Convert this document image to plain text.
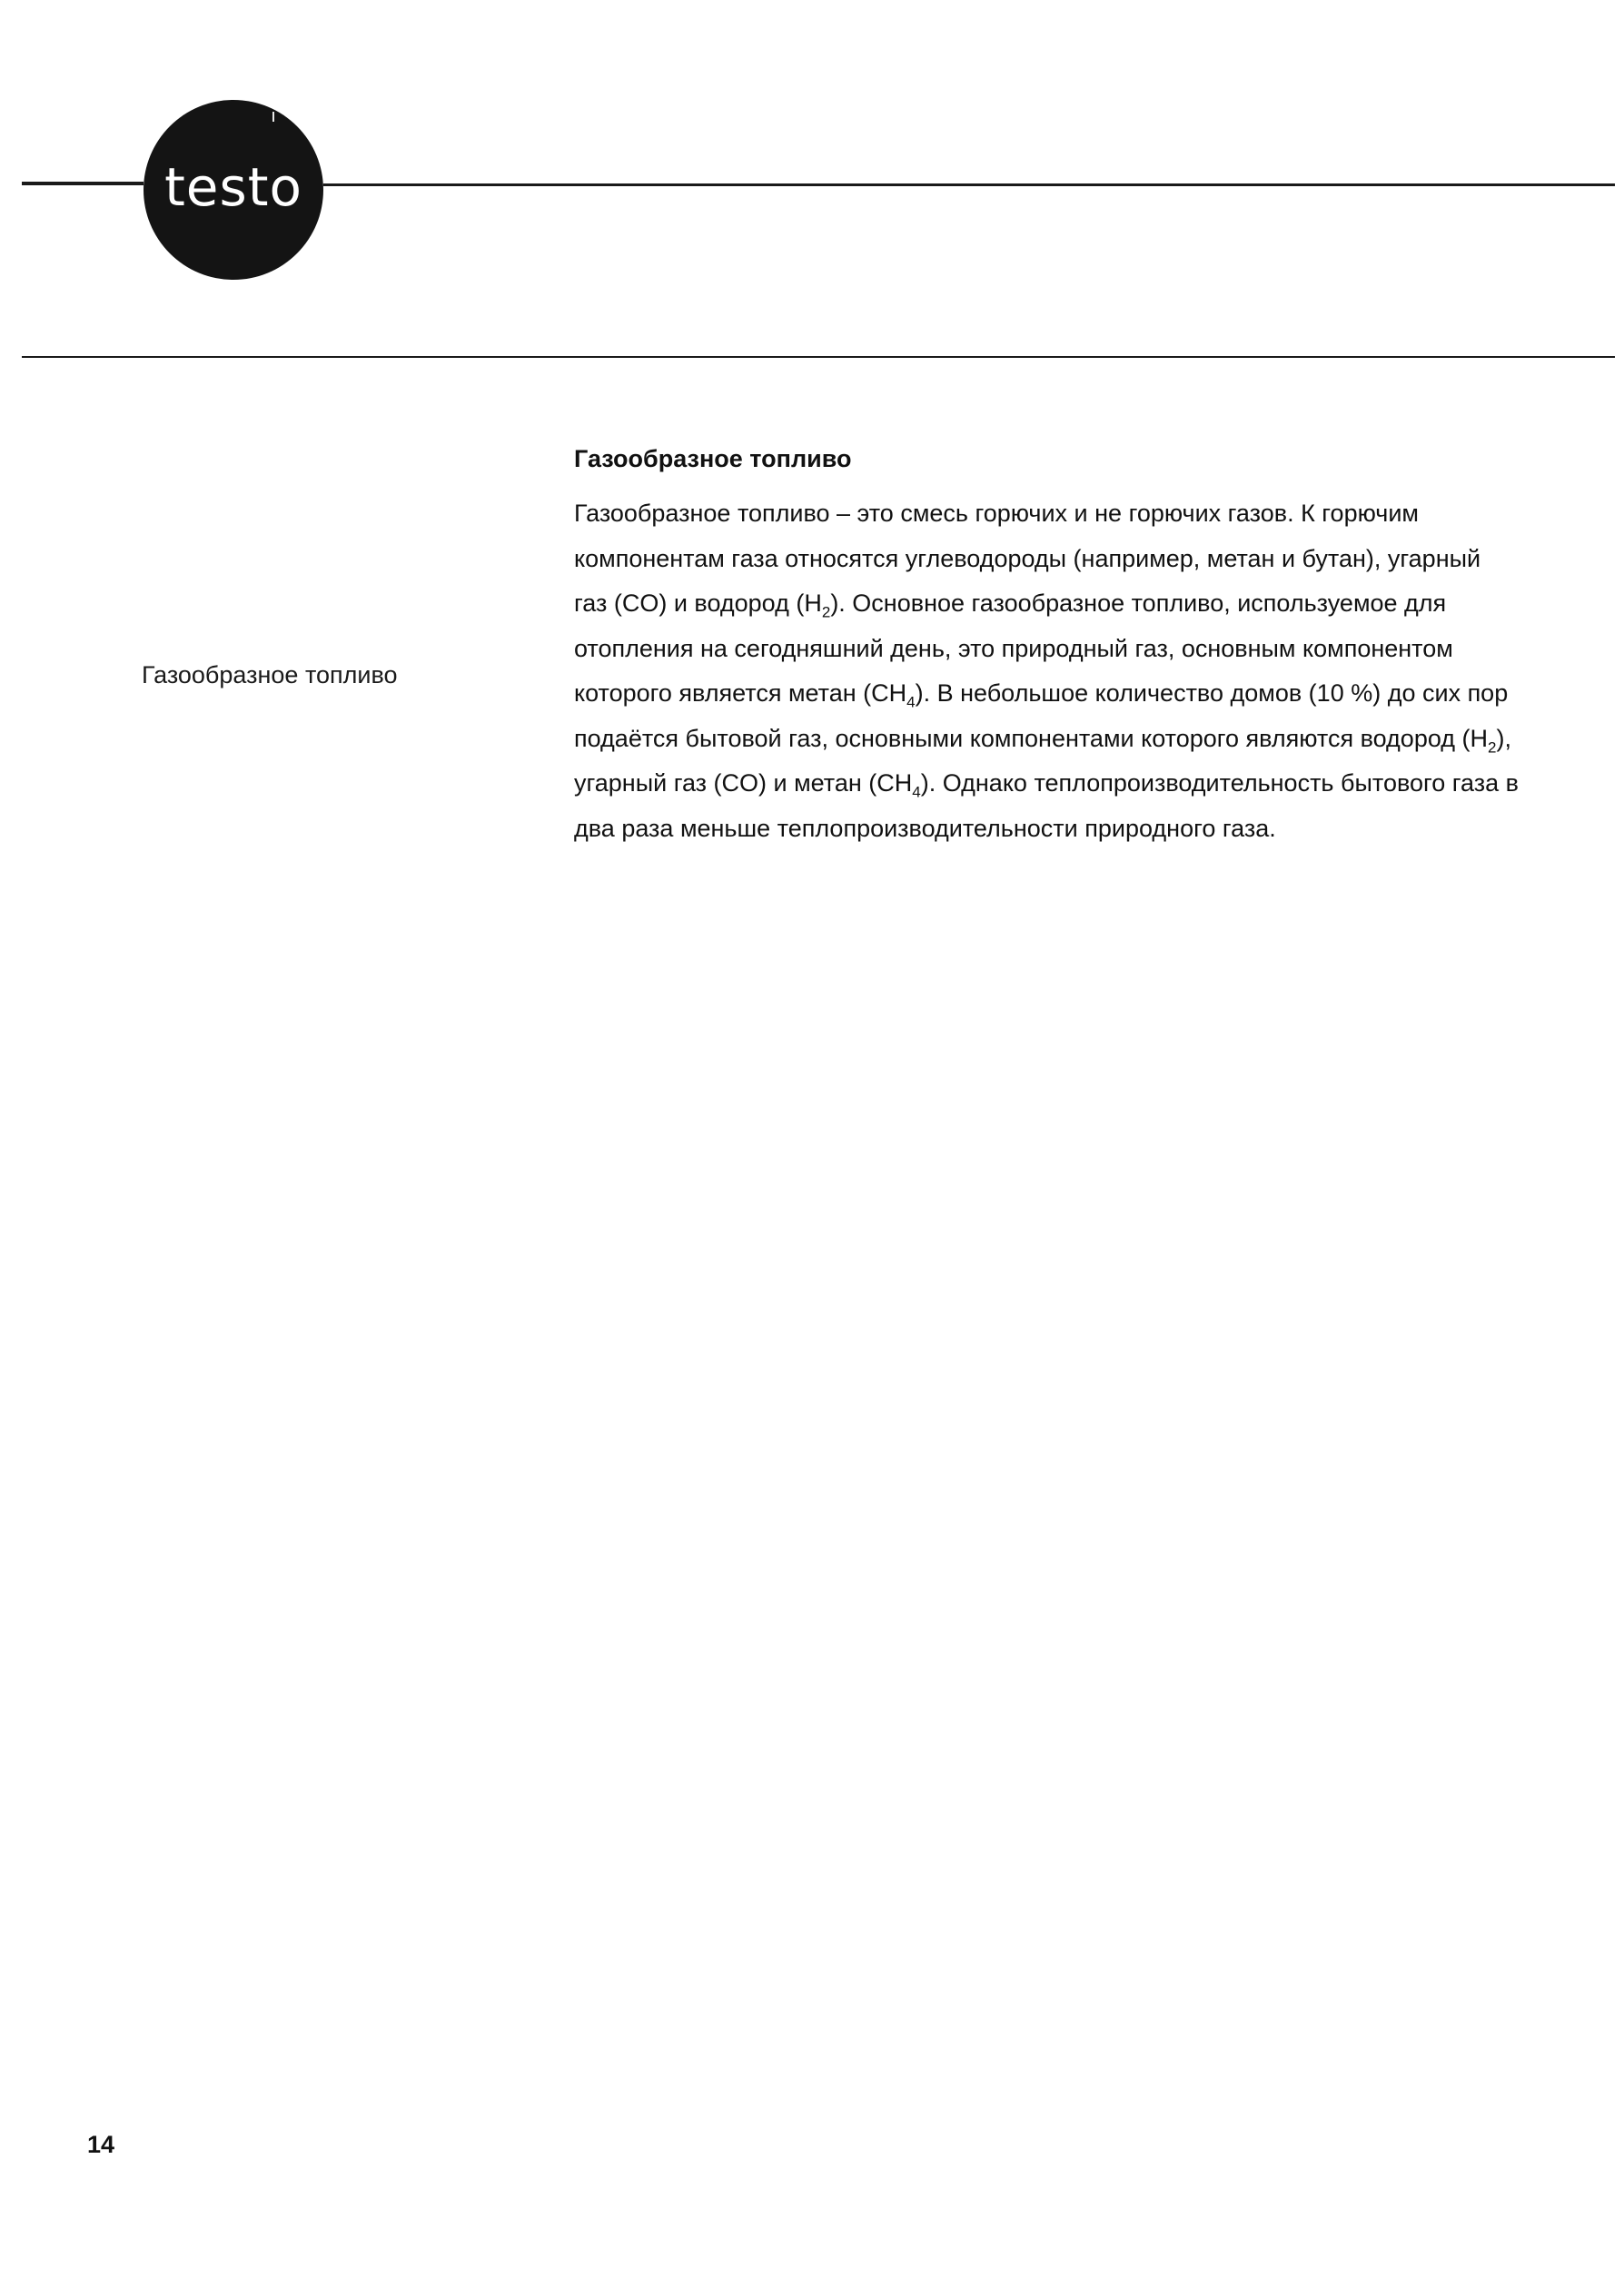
testo
Газообразное топливо
Газообразное топливо

Газообразное топливо – это смесь горючих и не горючих газов. К горючим
компонентам газа относятся углеводороды (например, метан и бутан), угарный
газ (CO) и водород $(H_2)$. Основное газообразное топливо, используемое для
отопления на сегодняшний день, это природный газ, основным компонентом
которого является метан $(CH_4)$. В небольшое количество домов (10 %) до сих пор
подаётся бытовой газ, основными компонентами которого являются водород $(H_2)$,
угарный газ (CO) и метан $(CH_4)$. Однако теплопроизводительность бытового газа в
два раза меньше теплопроизводительности природного газа.

14
